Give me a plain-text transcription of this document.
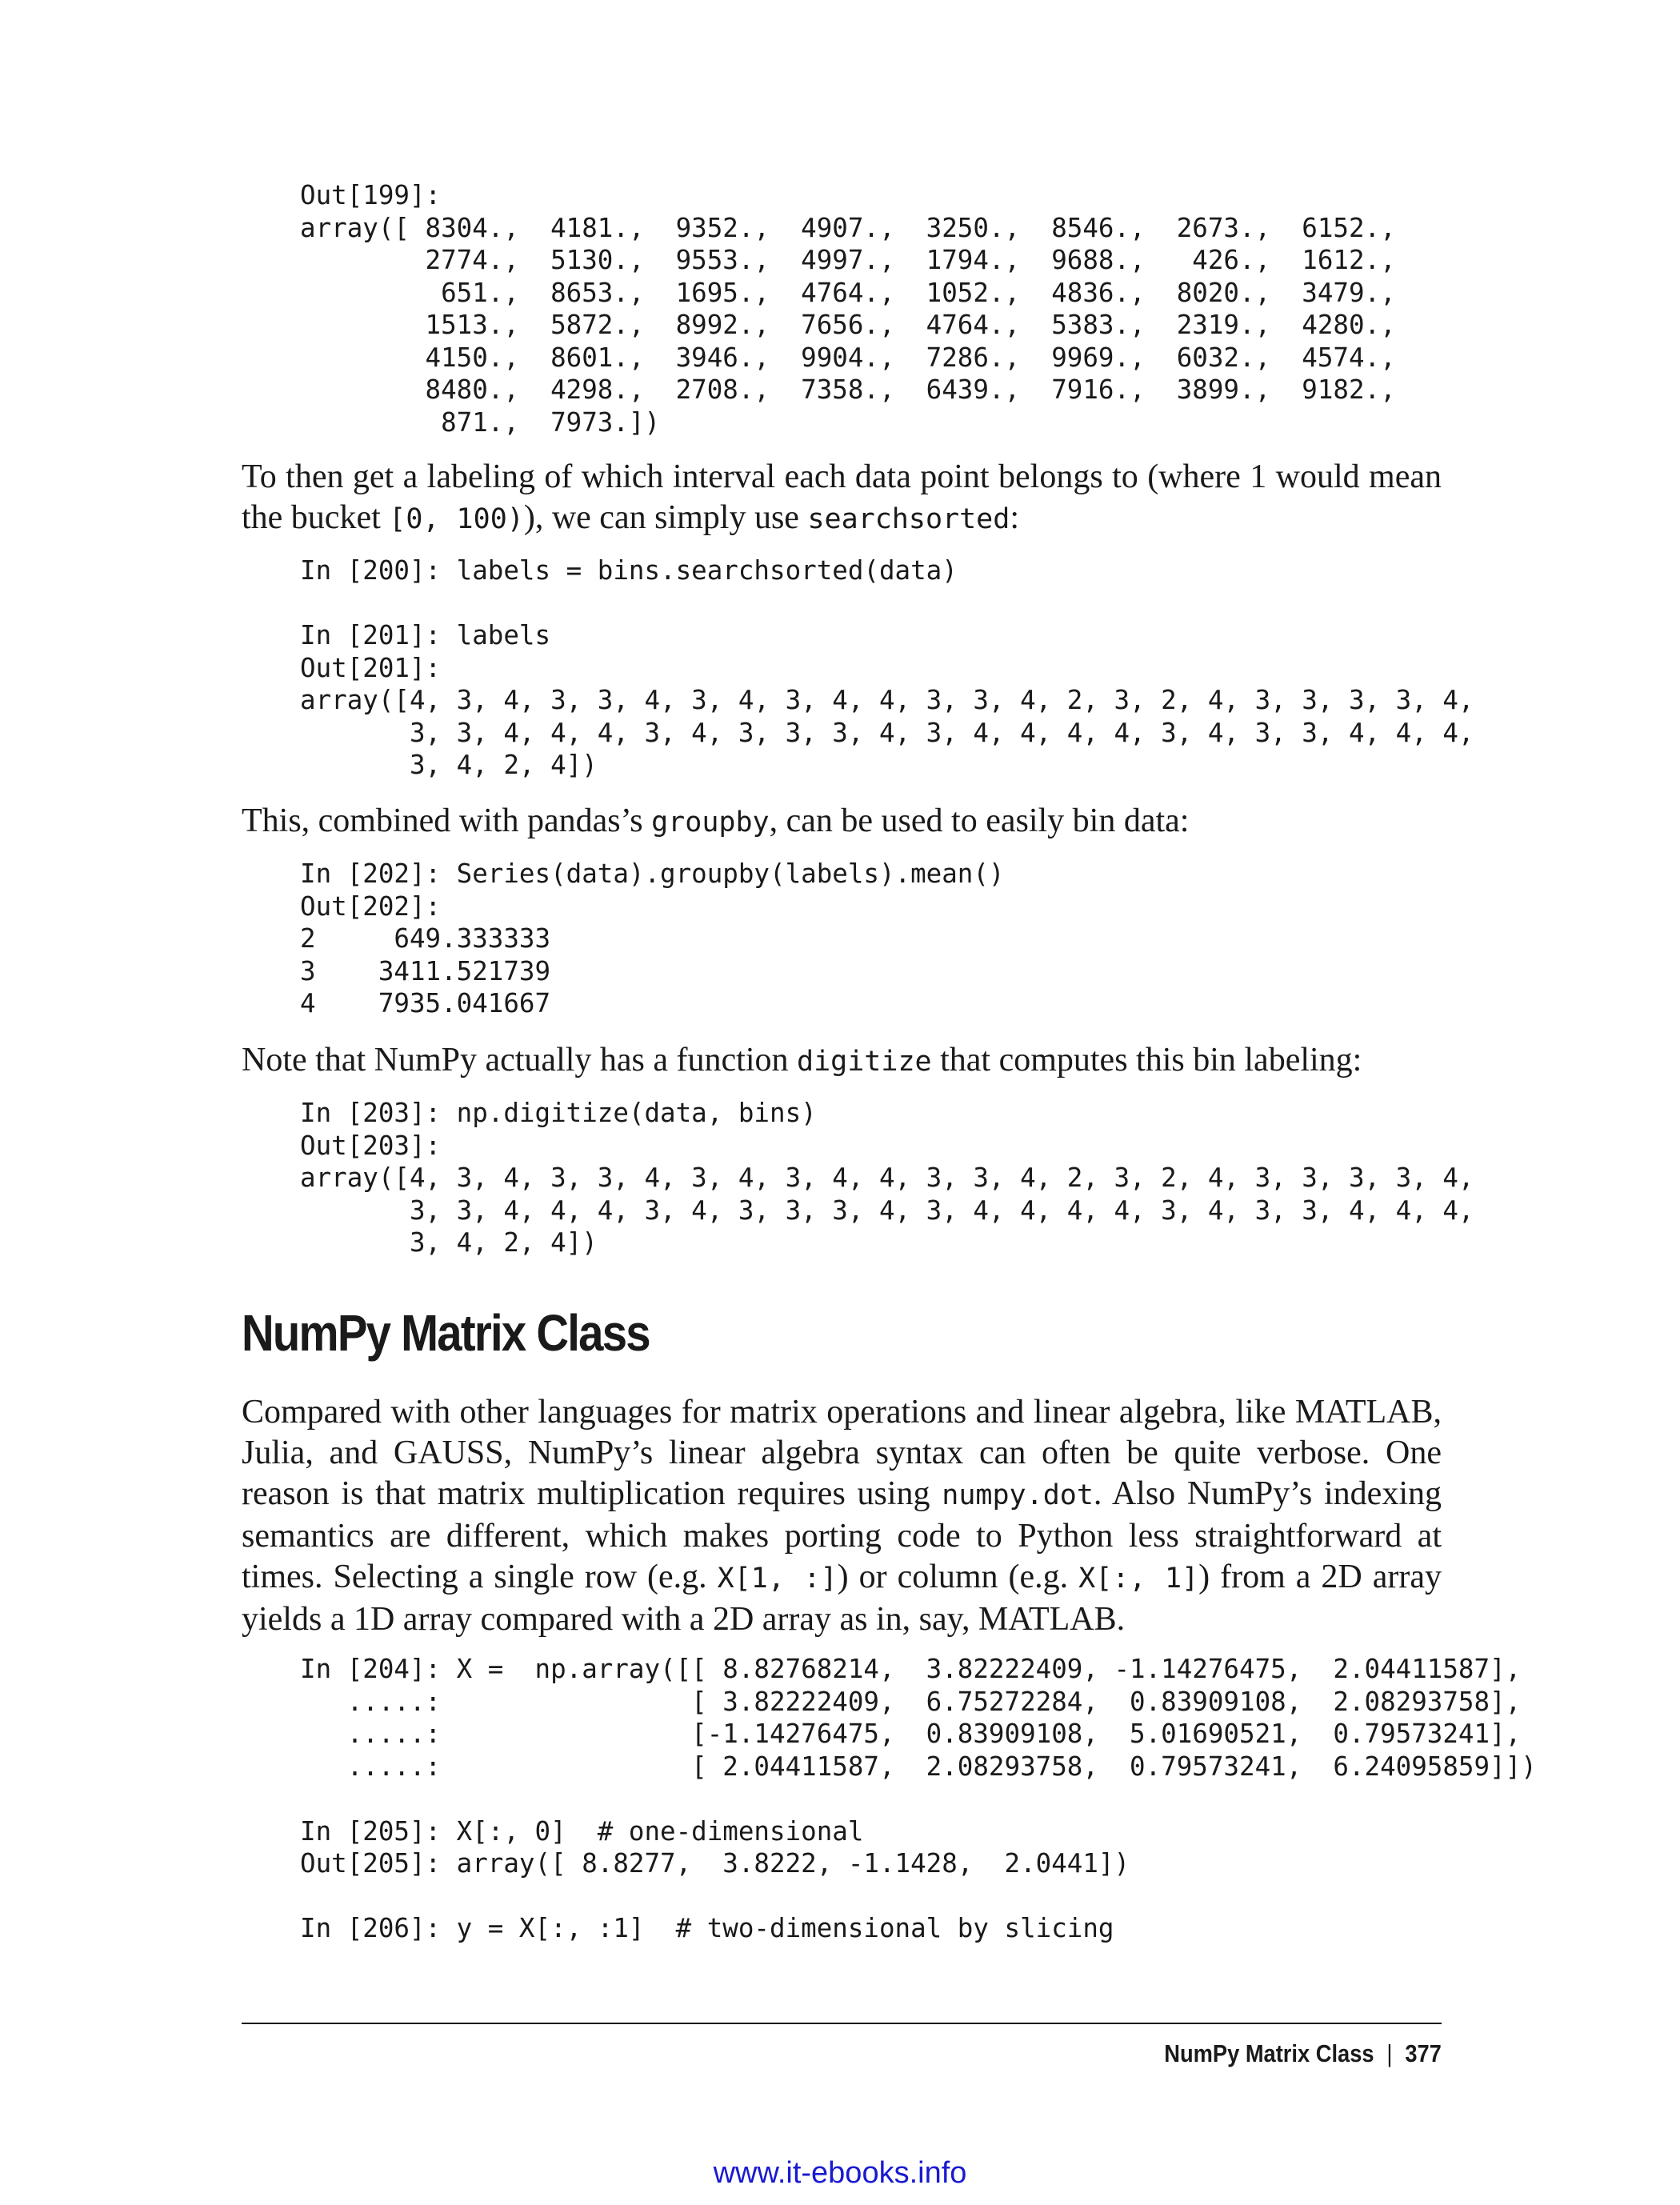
Out[199]:
array([ 8304.,  4181.,  9352.,  4907.,  3250.,  8546.,  2673.,  6152.,
2774.,  5130.,  9553.,  4997.,  1794.,  9688.,   426.,  1612.,
651.,  8653.,  1695.,  4764.,  1052.,  4836.,  8020.,  3479.,
1513.,  5872.,  8992.,  7656.,  4764.,  5383.,  2319.,  4280.,
4150.,  8601.,  3946.,  9904.,  7286.,  9969.,  6032.,  4574.,
8480.,  4298.,  2708.,  7358.,  6439.,  7916.,  3899.,  9182.,
871.,  7973.])

To then get a labeling of which interval each data point belongs to (where 1 would mean the bucket [0, 100)), we can simply use searchsorted:

In [200]: labels = bins.searchsorted(data)

In [201]: labels
Out[201]:
array([4, 3, 4, 3, 3, 4, 3, 4, 3, 4, 4, 3, 3, 4, 2, 3, 2, 4, 3, 3, 3, 3, 4,
3, 3, 4, 4, 4, 3, 4, 3, 3, 3, 4, 3, 4, 4, 4, 4, 3, 4, 3, 3, 4, 4, 4,
3, 4, 2, 4])

This, combined with pandas’s groupby, can be used to easily bin data:

In [202]: Series(data).groupby(labels).mean()
Out[202]:
2     649.333333
3    3411.521739
4    7935.041667

Note that NumPy actually has a function digitize that computes this bin labeling:

In [203]: np.digitize(data, bins)
Out[203]:
array([4, 3, 4, 3, 3, 4, 3, 4, 3, 4, 4, 3, 3, 4, 2, 3, 2, 4, 3, 3, 3, 3, 4,
3, 3, 4, 4, 4, 3, 4, 3, 3, 3, 4, 3, 4, 4, 4, 4, 3, 4, 3, 3, 4, 4, 4,
3, 4, 2, 4])
NumPy Matrix Class

Compared with other languages for matrix operations and linear algebra, like MATLAB, Julia, and GAUSS, NumPy’s linear algebra syntax can often be quite verbose. One reason is that matrix multiplication requires using numpy.dot. Also NumPy’s indexing semantics are different, which makes porting code to Python less straightforward at times. Selecting a single row (e.g. X[1, :]) or column (e.g. X[:, 1]) from a 2D array yields a 1D array compared with a 2D array as in, say, MATLAB.

In [204]: X =  np.array([[ 8.82768214,  3.82222409, -1.14276475,  2.04411587],
.....:                [ 3.82222409,  6.75272284,  0.83909108,  2.08293758],
.....:                [-1.14276475,  0.83909108,  5.01690521,  0.79573241],
.....:                [ 2.04411587,  2.08293758,  0.79573241,  6.24095859]])

In [205]: X[:, 0]  # one-dimensional
Out[205]: array([ 8.8277,  3.8222, -1.1428,  2.0441])

In [206]: y = X[:, :1]  # two-dimensional by slicing
NumPy Matrix Class | 377
www.it-ebooks.info
